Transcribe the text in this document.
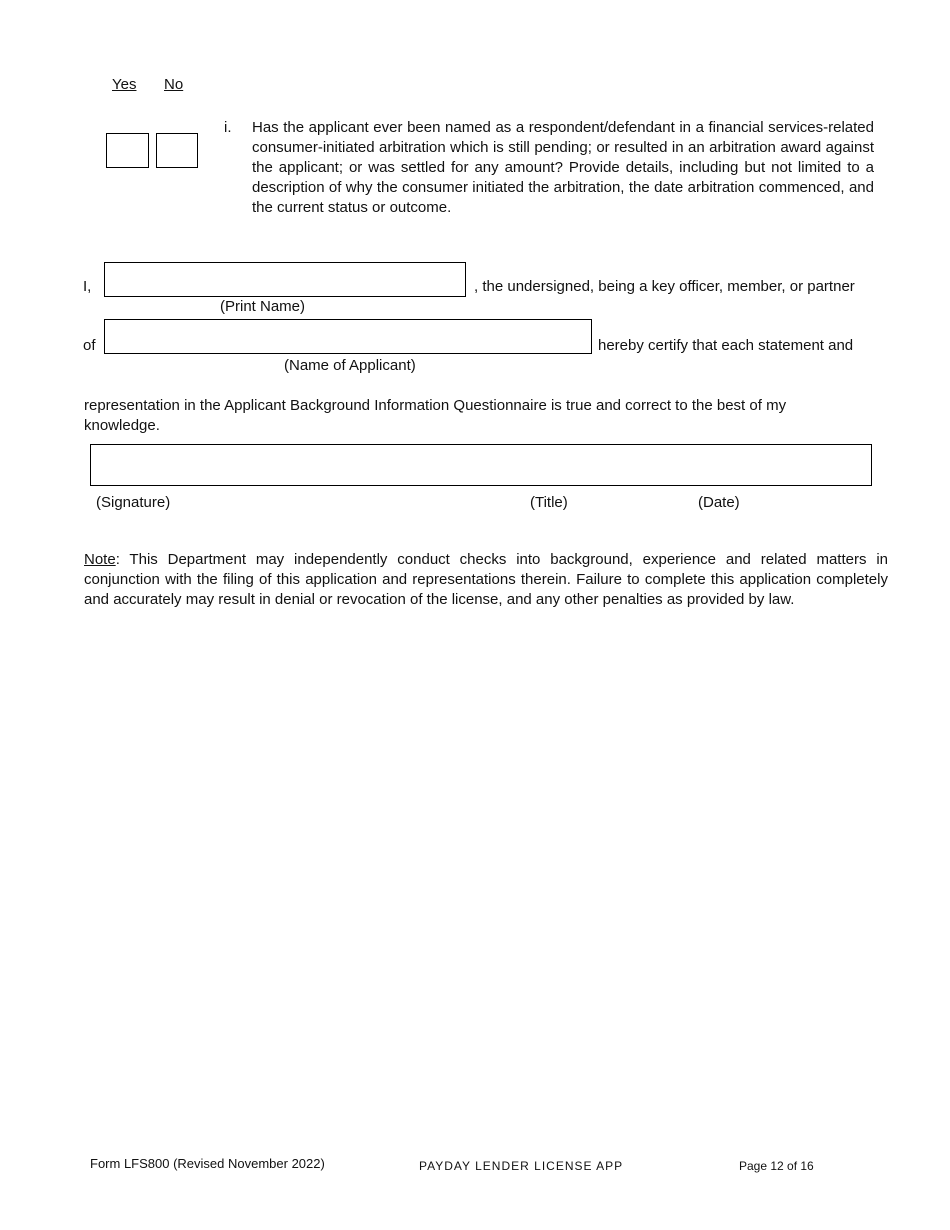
Yes No
i. Has the applicant ever been named as a respondent/defendant in a financial services-related consumer-initiated arbitration which is still pending; or resulted in an arbitration award against the applicant; or was settled for any amount? Provide details, including but not limited to a description of why the consumer initiated the arbitration, the date arbitration commenced, and the current status or outcome.
I,	, the undersigned, being a key officer, member, or partner
(Print Name)
of	hereby certify that each statement and
(Name of Applicant)
representation in the Applicant Background Information Questionnaire is true and correct to the best of my knowledge.
(Signature)	(Title)	(Date)
Note: This Department may independently conduct checks into background, experience and related matters in conjunction with the filing of this application and representations therein. Failure to complete this application completely and accurately may result in denial or revocation of the license, and any other penalties as provided by law.
Form LFS800 (Revised November 2022)	PAYDAY LENDER LICENSE APP	Page 12 of 16
